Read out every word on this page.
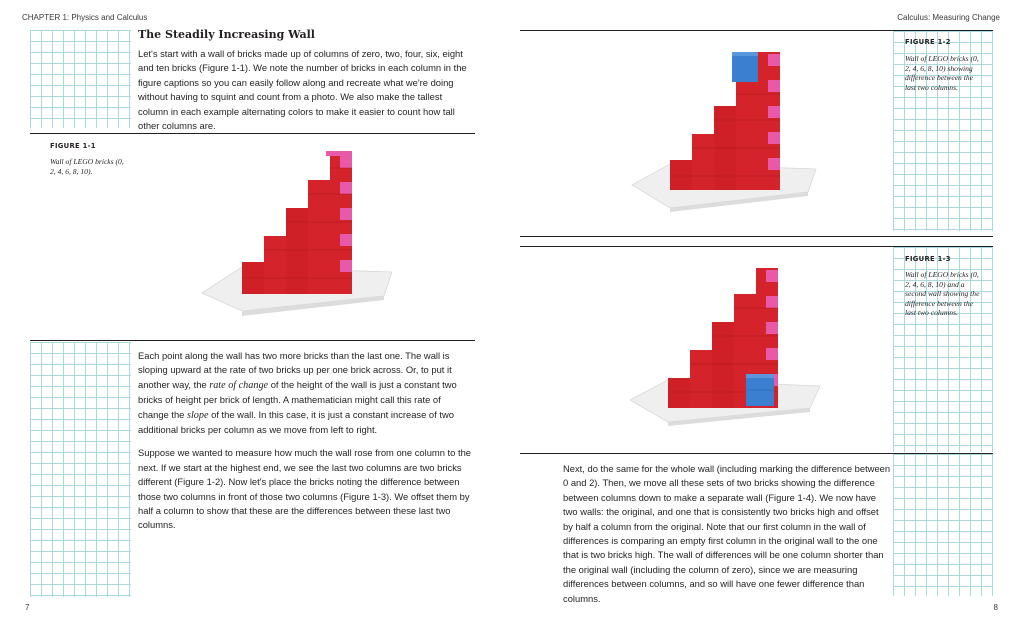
CHAPTER 1: Physics and Calculus
The Steadily Increasing Wall

Let's start with a wall of bricks made up of columns of zero, two, four, six, eight and ten bricks (Figure 1-1). We note the number of bricks in each column in the figure captions so you can easily follow along and recreate what we're doing without having to squint and count from a photo. We also make the tallest column in each example alternating colors to make it easier to count how tall other columns are.

FIGURE 1-1
Wall of LEGO bricks (0, 2, 4, 6, 8, 10).

Each point along the wall has two more bricks than the last one. The wall is sloping upward at the rate of two bricks up per one brick across. Or, to put it another way, the rate of change of the height of the wall is just a constant two bricks of height per brick of length. A mathematician might call this rate of change the slope of the wall. In this case, it is just a constant increase of two additional bricks per column as we move from left to right.

Suppose we wanted to measure how much the wall rose from one column to the next. If we start at the highest end, we see the last two columns are two bricks different (Figure 1-2). Now let's place the bricks noting the difference between those two columns in front of those two columns (Figure 1-3). We offset them by half a column to show that these are the differences between these last two columns.

7
Calculus: Measuring Change
FIGURE 1-2
Wall of LEGO bricks (0, 2, 4, 6, 8, 10) showing difference between the last two columns.
FIGURE 1-3
Wall of LEGO bricks (0, 2, 4, 6, 8, 10) and a second wall showing the difference between the last two columns.

Next, do the same for the whole wall (including marking the difference between 0 and 2). Then, we move all these sets of two bricks showing the difference between columns down to make a separate wall (Figure 1-4). We now have two walls: the original, and one that is consistently two bricks high and offset by half a column from the original. Note that our first column in the wall of differences is comparing an empty first column in the original wall to the one that is two bricks high. The wall of differences will be one column shorter than the original wall (including the column of zero), since we are measuring differences between columns, and so will have one fewer difference than columns.

8
